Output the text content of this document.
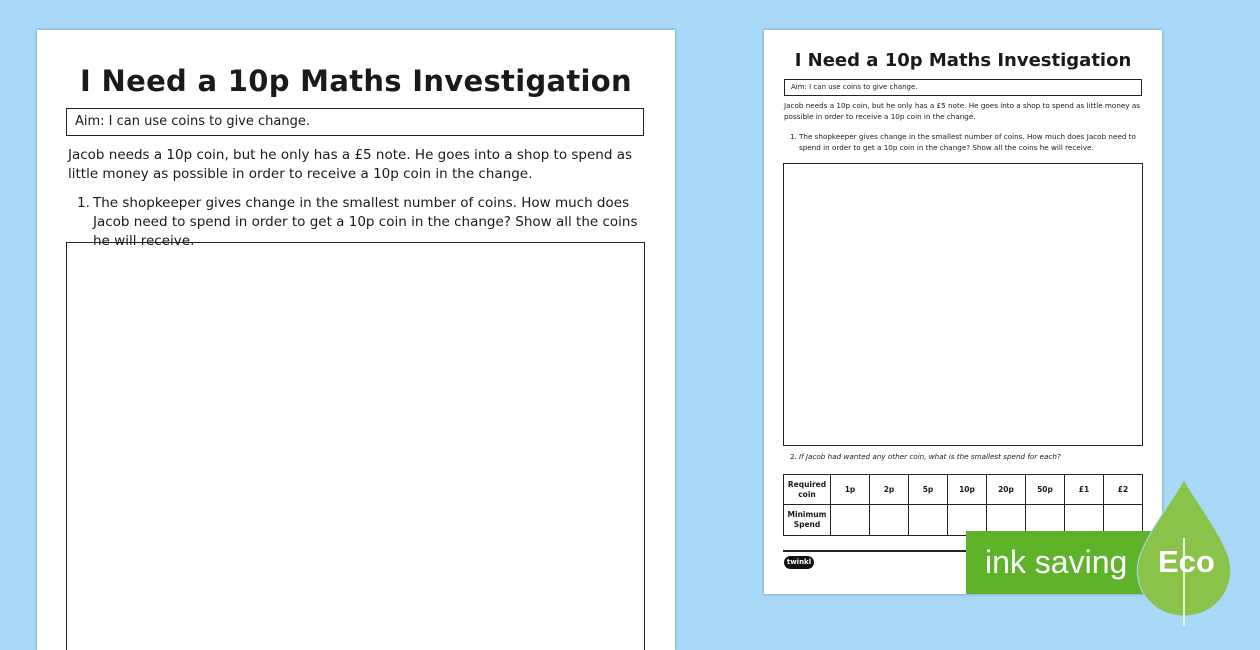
I Need a 10p Maths Investigation
Aim: I can use coins to give change.

Jacob needs a 10p coin, but he only has a £5 note. He goes into a shop to spend as little money as possible in order to receive a 10p coin in the change.

1. The shopkeeper gives change in the smallest number of coins. How much does Jacob need to spend in order to get a 10p coin in the change? Show all the coins he will receive.
I Need a 10p Maths Investigation
Aim: I can use coins to give change.

Jacob needs a 10p coin, but he only has a £5 note. He goes into a shop to spend as little money as possible in order to receive a 10p coin in the change.

1. The shopkeeper gives change in the smallest number of coins. How much does Jacob need to spend in order to get a 10p coin in the change? Show all the coins he will receive.
2. If Jacob had wanted any other coin, what is the smallest spend for each?
Required coin	1p	2p	5p	10p	20p	50p	£1	£2
Minimum Spend								
twinkl	ink saving Eco
